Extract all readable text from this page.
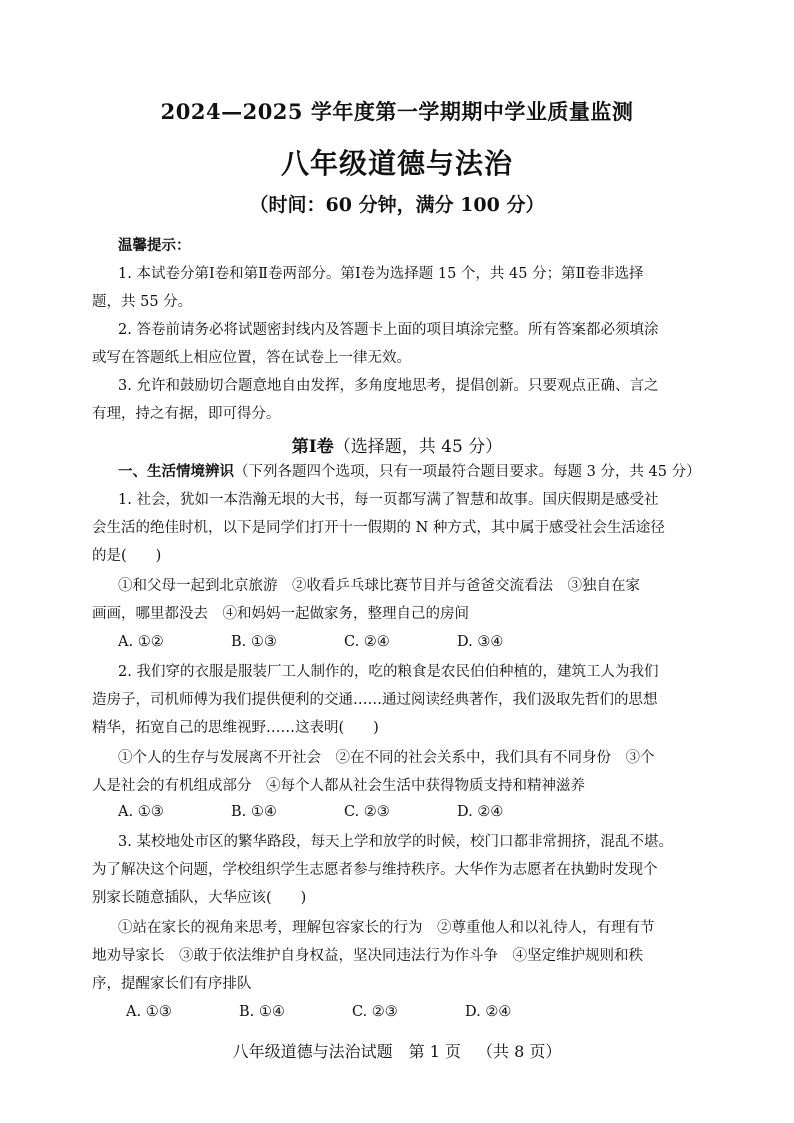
2024—2025 学年度第一学期期中学业质量监测
八年级道德与法治
（时间：60 分钟，满分 100 分）
温馨提示：
1. 本试卷分第Ⅰ卷和第Ⅱ卷两部分。第Ⅰ卷为选择题 15 个，共 45 分；第Ⅱ卷非选择
题，共 55 分。
2. 答卷前请务必将试题密封线内及答题卡上面的项目填涂完整。所有答案都必须填涂
或写在答题纸上相应位置，答在试卷上一律无效。
3. 允许和鼓励切合题意地自由发挥，多角度地思考，提倡创新。只要观点正确、言之
有理，持之有据，即可得分。
第Ⅰ卷（选择题，共 45 分）
一、生活情境辨识（下列各题四个选项，只有一项最符合题目要求。每题 3 分，共 45 分）
1. 社会，犹如一本浩瀚无垠的大书，每一页都写满了智慧和故事。国庆假期是感受社
会生活的绝佳时机，以下是同学们打开十一假期的 N 种方式，其中属于感受社会生活途径
的是(　　)
①和父母一起到北京旅游　②收看乒乓球比赛节目并与爸爸交流看法　③独自在家
画画，哪里都没去　④和妈妈一起做家务，整理自己的房间
A. ①②	B. ①③	C. ②④	D. ③④
2. 我们穿的衣服是服装厂工人制作的，吃的粮食是农民伯伯种植的，建筑工人为我们
造房子，司机师傅为我们提供便利的交通……通过阅读经典著作，我们汲取先哲们的思想
精华，拓宽自己的思维视野……这表明(　　)
①个人的生存与发展离不开社会　②在不同的社会关系中，我们具有不同身份　③个
人是社会的有机组成部分　④每个人都从社会生活中获得物质支持和精神滋养
A. ①③	B. ①④	C. ②③	D. ②④
3. 某校地处市区的繁华路段，每天上学和放学的时候，校门口都非常拥挤，混乱不堪。
为了解决这个问题，学校组织学生志愿者参与维持秩序。大华作为志愿者在执勤时发现个
别家长随意插队，大华应该(　　)
①站在家长的视角来思考，理解包容家长的行为　②尊重他人和以礼待人，有理有节
地劝导家长　③敢于依法维护自身权益，坚决同违法行为作斗争　④坚定维护规则和秩
序，提醒家长们有序排队
A. ①③	B. ①④	C. ②③	D. ②④
八年级道德与法治试题 第 1 页 （共 8 页）
